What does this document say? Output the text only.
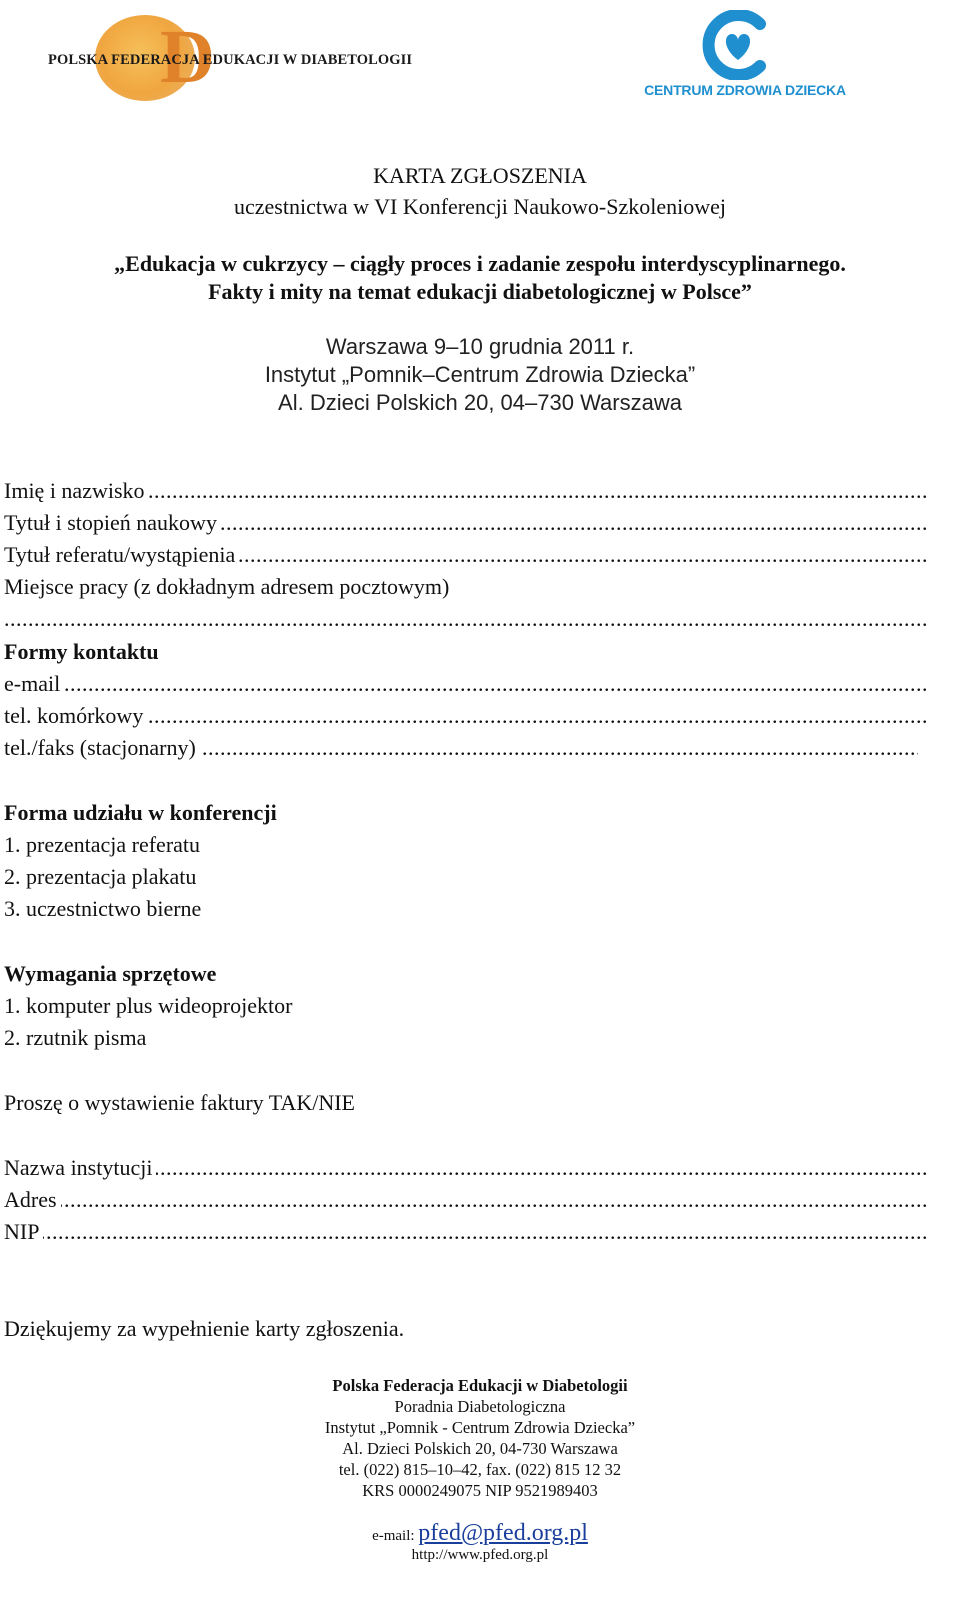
D
POLSKA FEDERACJA EDUKACJI W DIABETOLOGII
CENTRUM ZDROWIA DZIECKA
KARTA ZGŁOSZENIA
uczestnictwa w VI Konferencji Naukowo-Szkoleniowej
„Edukacja w cukrzycy – ciągły proces i zadanie zespołu interdyscyplinarnego.
Fakty i mity na temat edukacji diabetologicznej w Polsce”
Warszawa 9–10 grudnia 2011 r.
Instytut „Pomnik–Centrum Zdrowia Dziecka”
Al. Dzieci Polskich 20, 04–730 Warszawa
.....
Imię i nazwisko
.....
Tytuł i stopień naukowy
.....
Tytuł referatu/wystąpienia
Miejsce pracy (z dokładnym adresem pocztowym)
.....
Formy kontaktu
.....
e-mail
.....
tel. komórkowy
.....
tel./faks (stacjonarny)
Forma udziału w konferencji
1. prezentacja referatu
2. prezentacja plakatu
3. uczestnictwo bierne
Wymagania sprzętowe
1. komputer plus wideoprojektor
2. rzutnik pisma
Proszę o wystawienie faktury TAK/NIE
.....
Nazwa instytucji
.....
Adres
.....
NIP
Dziękujemy za wypełnienie karty zgłoszenia.
Polska Federacja Edukacji w Diabetologii
Poradnia Diabetologiczna
Instytut „Pomnik - Centrum Zdrowia Dziecka”
Al. Dzieci Polskich 20, 04-730 Warszawa
tel. (022) 815–10–42, fax. (022) 815 12 32
KRS 0000249075 NIP 9521989403
e-mail: pfed@pfed.org.pl
http://www.pfed.org.pl
